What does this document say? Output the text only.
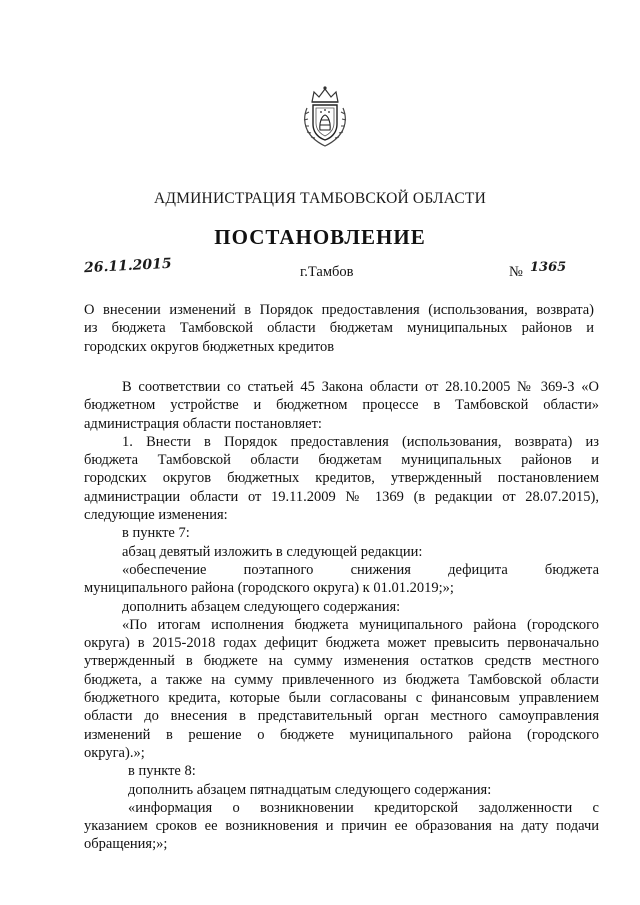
АДМИНИСТРАЦИЯ ТАМБОВСКОЙ ОБЛАСТИ
ПОСТАНОВЛЕНИЕ
26.11.2015	г.Тамбов	№ 1365
О внесении изменений в Порядок предоставления (использования, возврата)
из бюджета Тамбовской области бюджетам муниципальных районов и
городских округов бюджетных кредитов
В соответствии со статьей 45 Закона области от 28.10.2005 № 369-З «О
бюджетном устройстве и бюджетном процессе в Тамбовской области»
администрация области постановляет:
1. Внести в Порядок предоставления (использования, возврата) из
бюджета Тамбовской области бюджетам муниципальных районов и
городских округов бюджетных кредитов, утвержденный постановлением
администрации области от 19.11.2009 № 1369 (в редакции от 28.07.2015),
следующие изменения:
в пункте 7:
абзац девятый изложить в следующей редакции:
«обеспечение поэтапного снижения дефицита бюджета
муниципального района (городского округа) к 01.01.2019;»;
дополнить абзацем следующего содержания:
«По итогам исполнения бюджета муниципального района (городского
округа) в 2015-2018 годах дефицит бюджета может превысить первоначально
утвержденный в бюджете на сумму изменения остатков средств местного
бюджета, а также на сумму привлеченного из бюджета Тамбовской области
бюджетного кредита, которые были согласованы с финансовым управлением
области до внесения в представительный орган местного самоуправления
изменений в решение о бюджете муниципального района (городского
округа).»;
в пункте 8:
дополнить абзацем пятнадцатым следующего содержания:
«информация о возникновении кредиторской задолженности с
указанием сроков ее возникновения и причин ее образования на дату подачи
обращения;»;
